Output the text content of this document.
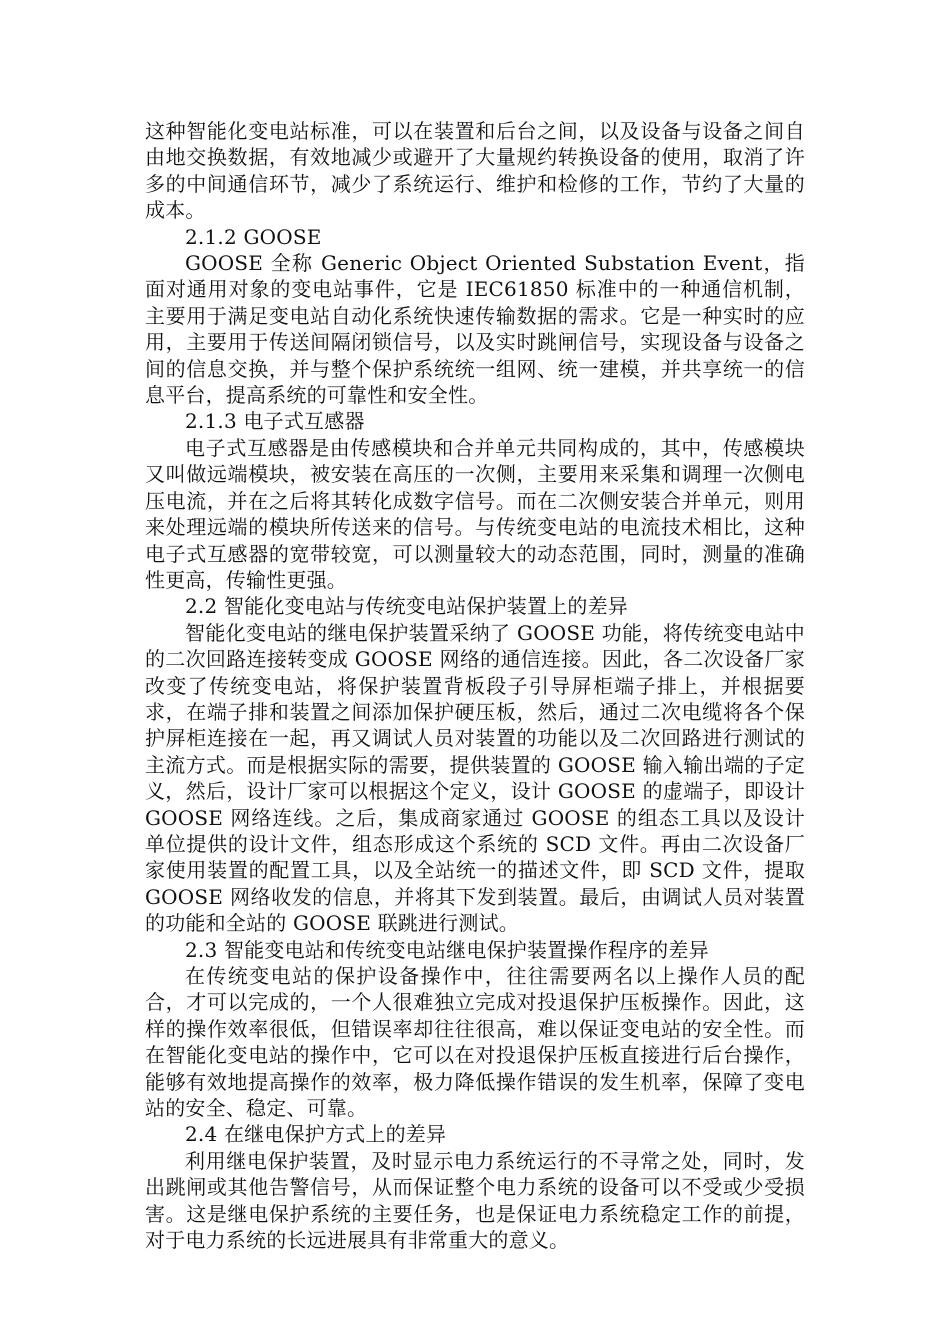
这种智能化变电站标准，可以在装置和后台之间，以及设备与设备之间自由地交换数据，有效地减少或避开了大量规约转换设备的使用，取消了许多的中间通信环节，减少了系统运行、维护和检修的工作，节约了大量的成本。

2.1.2 GOOSE

GOOSE 全称 Generic Object Oriented Substation Event，指面对通用对象的变电站事件，它是 IEC61850 标准中的一种通信机制，主要用于满足变电站自动化系统快速传输数据的需求。它是一种实时的应用，主要用于传送间隔闭锁信号，以及实时跳闸信号，实现设备与设备之间的信息交换，并与整个保护系统统一组网、统一建模，并共享统一的信息平台，提高系统的可靠性和安全性。

2.1.3 电子式互感器

电子式互感器是由传感模块和合并单元共同构成的，其中，传感模块又叫做远端模块，被安装在高压的一次侧，主要用来采集和调理一次侧电压电流，并在之后将其转化成数字信号。而在二次侧安装合并单元，则用来处理远端的模块所传送来的信号。与传统变电站的电流技术相比，这种电子式互感器的宽带较宽，可以测量较大的动态范围，同时，测量的准确性更高，传输性更强。

2.2 智能化变电站与传统变电站保护装置上的差异

智能化变电站的继电保护装置采纳了 GOOSE 功能，将传统变电站中的二次回路连接转变成 GOOSE 网络的通信连接。因此，各二次设备厂家改变了传统变电站，将保护装置背板段子引导屏柜端子排上，并根据要求，在端子排和装置之间添加保护硬压板，然后，通过二次电缆将各个保护屏柜连接在一起，再又调试人员对装置的功能以及二次回路进行测试的主流方式。而是根据实际的需要，提供装置的 GOOSE 输入输出端的子定义，然后，设计厂家可以根据这个定义，设计 GOOSE 的虚端子，即设计 GOOSE 网络连线。之后，集成商家通过 GOOSE 的组态工具以及设计单位提供的设计文件，组态形成这个系统的 SCD 文件。再由二次设备厂家使用装置的配置工具，以及全站统一的描述文件，即 SCD 文件，提取 GOOSE 网络收发的信息，并将其下发到装置。最后，由调试人员对装置的功能和全站的 GOOSE 联跳进行测试。

2.3 智能变电站和传统变电站继电保护装置操作程序的差异

在传统变电站的保护设备操作中，往往需要两名以上操作人员的配合，才可以完成的，一个人很难独立完成对投退保护压板操作。因此，这样的操作效率很低，但错误率却往往很高，难以保证变电站的安全性。而在智能化变电站的操作中，它可以在对投退保护压板直接进行后台操作，能够有效地提高操作的效率，极力降低操作错误的发生机率，保障了变电站的安全、稳定、可靠。

2.4 在继电保护方式上的差异

利用继电保护装置，及时显示电力系统运行的不寻常之处，同时，发出跳闸或其他告警信号，从而保证整个电力系统的设备可以不受或少受损害。这是继电保护系统的主要任务，也是保证电力系统稳定工作的前提，对于电力系统的长远进展具有非常重大的意义。
